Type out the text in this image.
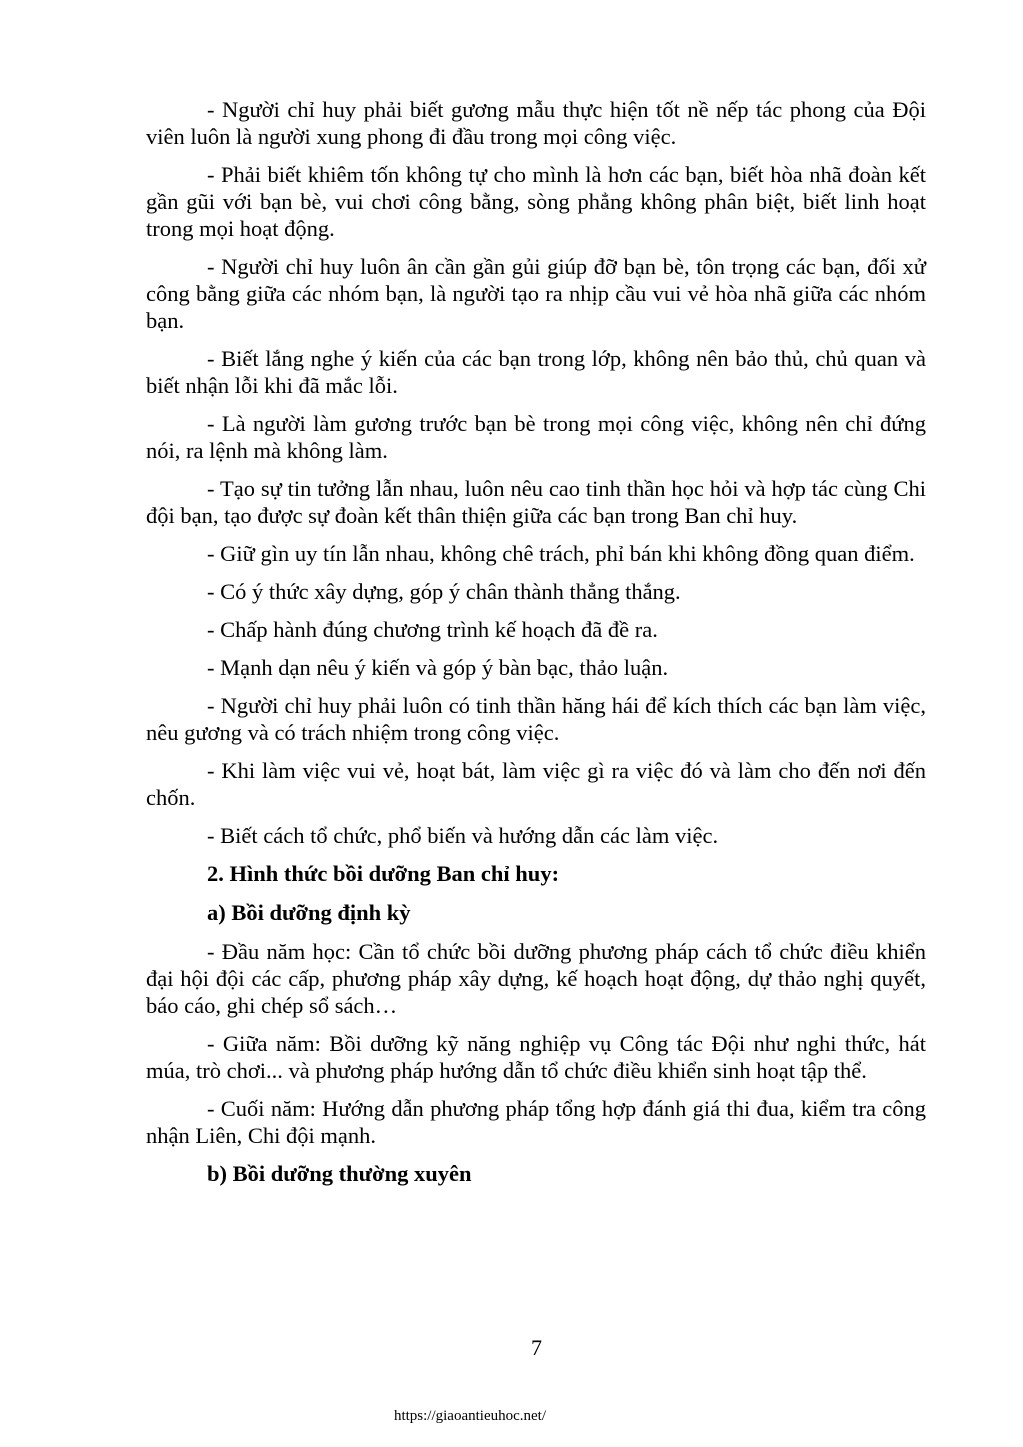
- Người chỉ huy phải biết gương mẫu thực hiện tốt nề nếp tác phong của Đội viên luôn là người xung phong đi đầu trong mọi công việc.

- Phải biết khiêm tốn không tự cho mình là hơn các bạn, biết hòa nhã đoàn kết gần gũi với bạn bè, vui chơi công bằng, sòng phẳng không phân biệt, biết linh hoạt trong mọi hoạt động.

- Người chỉ huy luôn ân cần gần gủi giúp đỡ bạn bè, tôn trọng các bạn, đối xử công bằng giữa các nhóm bạn, là người tạo ra nhịp cầu vui vẻ hòa nhã giữa các nhóm bạn.

- Biết lắng nghe ý kiến của các bạn trong lớp, không nên bảo thủ, chủ quan và biết nhận lỗi khi đã mắc lỗi.

- Là người làm gương trước bạn bè trong mọi công việc, không nên chỉ đứng nói, ra lệnh mà không làm.

- Tạo sự tin tưởng lẫn nhau, luôn nêu cao tinh thần học hỏi và hợp tác cùng Chi đội bạn, tạo được sự đoàn kết thân thiện giữa các bạn trong Ban chỉ huy.

- Giữ gìn uy tín lẫn nhau, không chê trách, phỉ bán khi không đồng quan điểm.

- Có ý thức xây dựng, góp ý chân thành thẳng thắng.

- Chấp hành đúng chương trình kế hoạch đã đề ra.

- Mạnh dạn nêu ý kiến và góp ý bàn bạc, thảo luận.

- Người chỉ huy phải luôn có tinh thần hăng hái để kích thích các bạn làm việc, nêu gương và có trách nhiệm trong công việc.

- Khi làm việc vui vẻ, hoạt bát, làm việc gì ra việc đó và làm cho đến nơi đến chốn.

- Biết cách tổ chức, phổ biến và hướng dẫn các làm việc.

2. Hình thức bồi dưỡng Ban chỉ huy:

a) Bồi dưỡng định kỳ

- Đầu năm học: Cần tổ chức bồi dưỡng phương pháp cách tổ chức điều khiển đại hội đội các cấp, phương pháp xây dựng, kế hoạch hoạt động, dự thảo nghị quyết, báo cáo, ghi chép sổ sách…

- Giữa năm: Bồi dưỡng kỹ năng nghiệp vụ Công tác Đội như nghi thức, hát múa, trò chơi... và phương pháp hướng dẫn tổ chức điều khiển sinh hoạt tập thể.

- Cuối năm: Hướng dẫn phương pháp tổng hợp đánh giá thi đua, kiểm tra công nhận Liên, Chi đội mạnh.

b) Bồi dưỡng thường xuyên

7
https://giaoantieuhoc.net/
